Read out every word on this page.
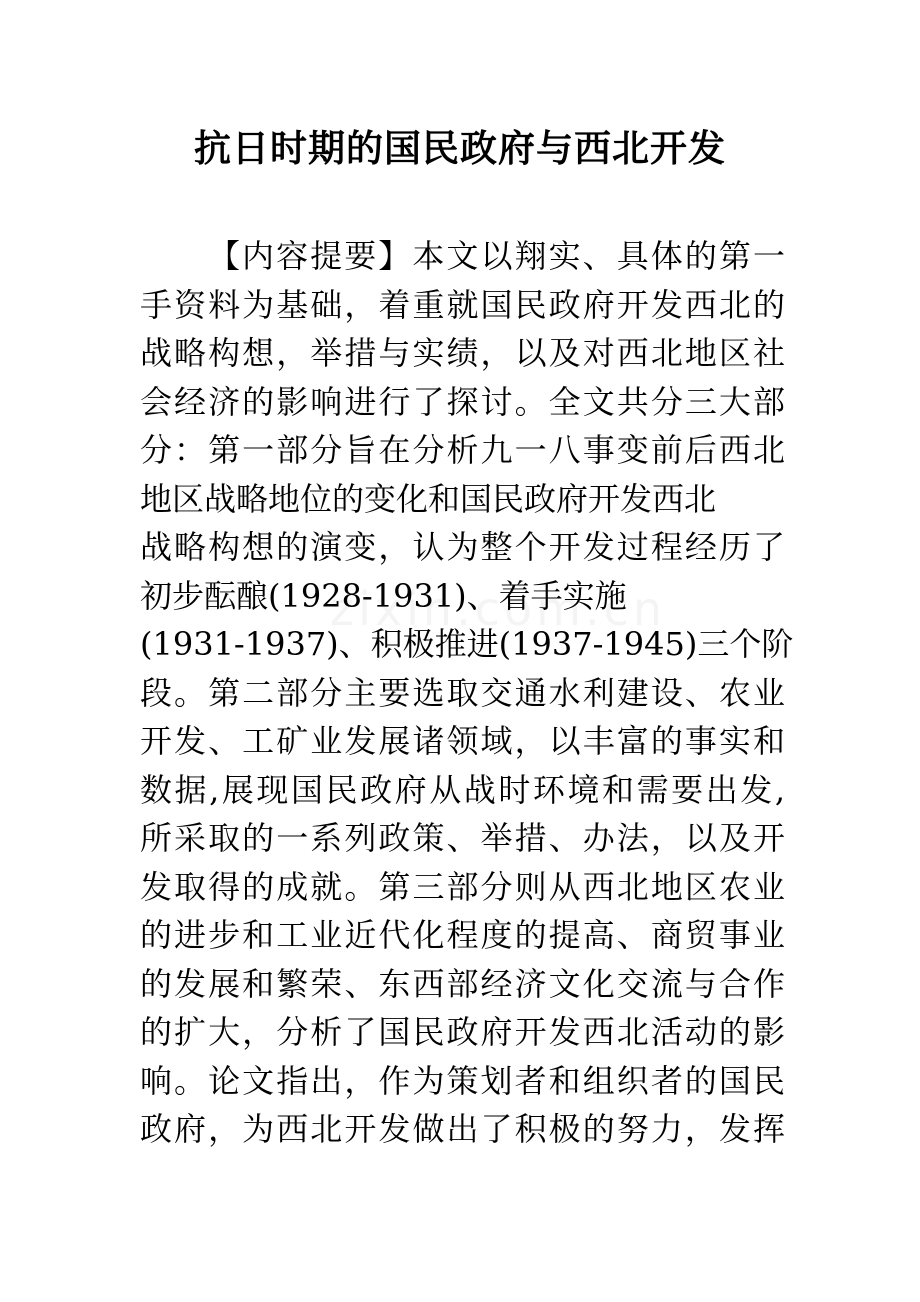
抗日时期的国民政府与西北开发
【内容提要】本文以翔实、具体的第一
手资料为基础，着重就国民政府开发西北的
战略构想，举措与实绩，以及对西北地区社
会经济的影响进行了探讨。全文共分三大部
分：第一部分旨在分析九一八事变前后西北
地区战略地位的变化和国民政府开发西北
战略构想的演变，认为整个开发过程经历了
初步酝酿(1928-1931)、着手实施
(1931-1937)、积极推进(1937-1945)三个阶
段。第二部分主要选取交通水利建设、农业
开发、工矿业发展诸领域，以丰富的事实和
数据,展现国民政府从战时环境和需要出发,
所采取的一系列政策、举措、办法，以及开
发取得的成就。第三部分则从西北地区农业
的进步和工业近代化程度的提高、商贸事业
的发展和繁荣、东西部经济文化交流与合作
的扩大，分析了国民政府开发西北活动的影
响。论文指出，作为策划者和组织者的国民
政府，为西北开发做出了积极的努力，发挥
